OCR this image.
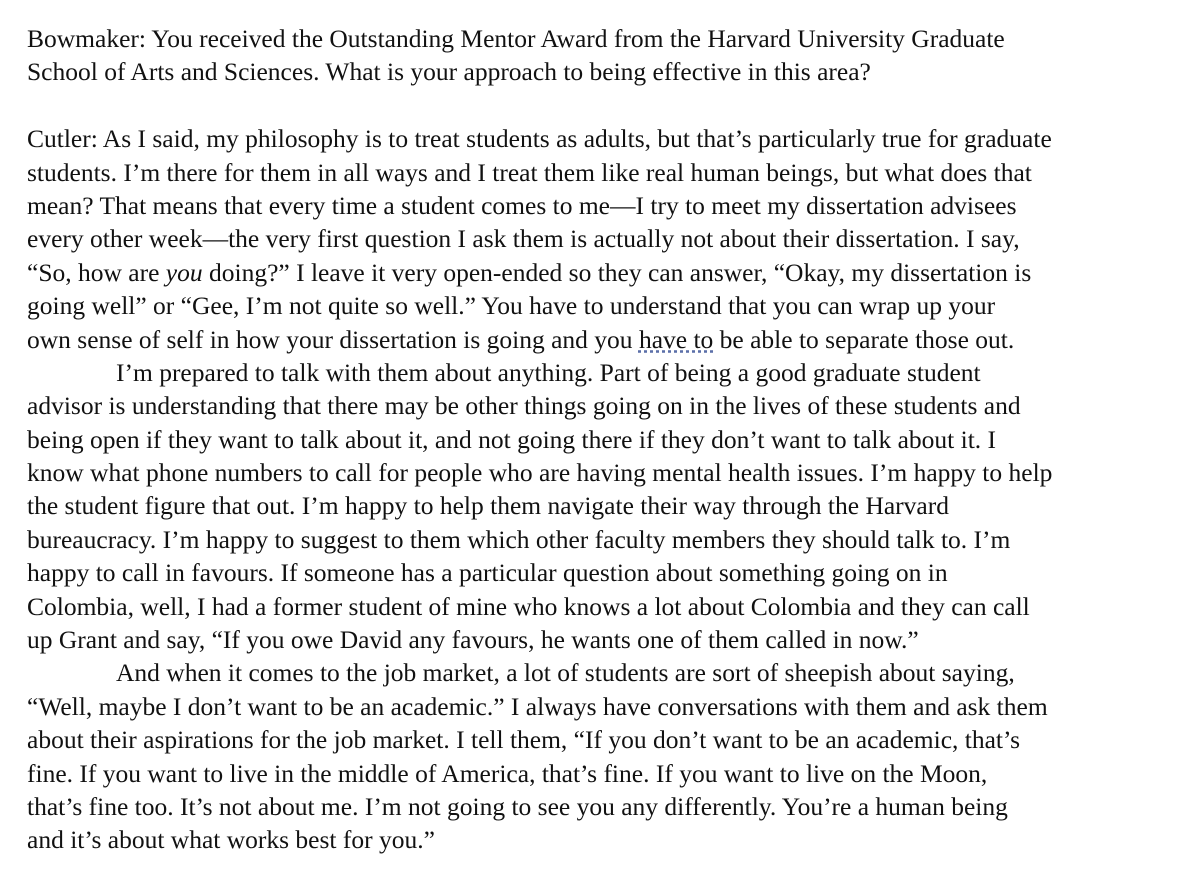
Bowmaker: You received the Outstanding Mentor Award from the Harvard University Graduate
School of Arts and Sciences. What is your approach to being effective in this area?
Cutler: As I said, my philosophy is to treat students as adults, but that’s particularly true for graduate
students. I’m there for them in all ways and I treat them like real human beings, but what does that
mean? That means that every time a student comes to me—I try to meet my dissertation advisees
every other week—the very first question I ask them is actually not about their dissertation. I say,
“So, how are you doing?” I leave it very open-ended so they can answer, “Okay, my dissertation is
going well” or “Gee, I’m not quite so well.” You have to understand that you can wrap up your
own sense of self in how your dissertation is going and you have to be able to separate those out.
I’m prepared to talk with them about anything. Part of being a good graduate student
advisor is understanding that there may be other things going on in the lives of these students and
being open if they want to talk about it, and not going there if they don’t want to talk about it. I
know what phone numbers to call for people who are having mental health issues. I’m happy to help
the student figure that out. I’m happy to help them navigate their way through the Harvard
bureaucracy. I’m happy to suggest to them which other faculty members they should talk to. I’m
happy to call in favours. If someone has a particular question about something going on in
Colombia, well, I had a former student of mine who knows a lot about Colombia and they can call
up Grant and say, “If you owe David any favours, he wants one of them called in now.”
And when it comes to the job market, a lot of students are sort of sheepish about saying,
“Well, maybe I don’t want to be an academic.” I always have conversations with them and ask them
about their aspirations for the job market. I tell them, “If you don’t want to be an academic, that’s
fine. If you want to live in the middle of America, that’s fine. If you want to live on the Moon,
that’s fine too. It’s not about me. I’m not going to see you any differently. You’re a human being
and it’s about what works best for you.”
